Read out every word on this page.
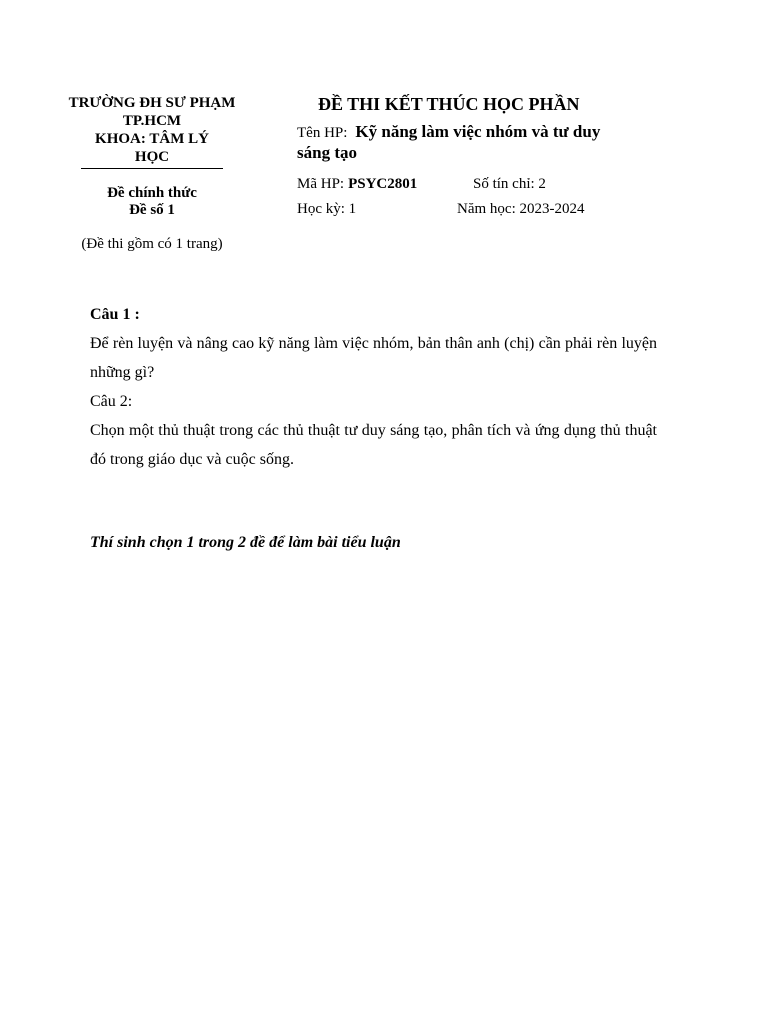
TRƯỜNG ĐH SƯ PHẠM
TP.HCM
KHOA: TÂM LÝ HỌC
Đề chính thức
Đề số 1
(Đề thi gồm có 1 trang)
ĐỀ THI KẾT THÚC HỌC PHẦN
Tên HP: Kỹ năng làm việc nhóm và tư duy
sáng tạo
Mã HP: PSYC2801	Số tín chỉ: 2
Học kỳ: 1	Năm học: 2023-2024

Câu 1 :

Để rèn luyện và nâng cao kỹ năng làm việc nhóm, bản thân anh (chị) cần phải rèn luyện những gì?

Câu 2:

Chọn một thủ thuật trong các thủ thuật tư duy sáng tạo, phân tích và ứng dụng thủ thuật đó trong giáo dục và cuộc sống.

Thí sinh chọn 1 trong 2 đề để làm bài tiểu luận
